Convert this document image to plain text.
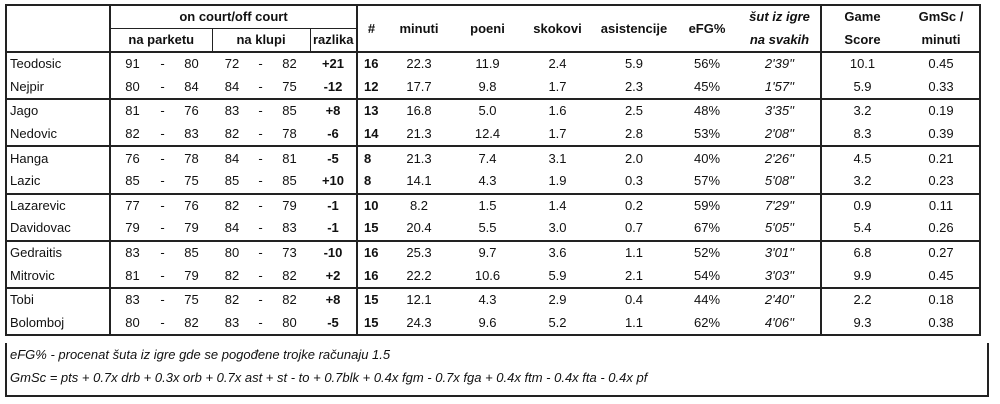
	on court/off court							#	minuti	poeni	skokovi	asistencije	eFG%	šut iz igre	Game	GmSc /
	na parketu			na klupi			razlika							na svakih	Score	minuti
Teodosic	91	-	80	72	-	82	+21	16	22.3	11.9	2.4	5.9	56%	2'39''	10.1	0.45
Nejpir	80	-	84	84	-	75	-12	12	17.7	9.8	1.7	2.3	45%	1'57''	5.9	0.33
Jago	81	-	76	83	-	85	+8	13	16.8	5.0	1.6	2.5	48%	3'35''	3.2	0.19
Nedovic	82	-	83	82	-	78	-6	14	21.3	12.4	1.7	2.8	53%	2'08''	8.3	0.39
Hanga	76	-	78	84	-	81	-5	8	21.3	7.4	3.1	2.0	40%	2'26''	4.5	0.21
Lazic	85	-	75	85	-	85	+10	8	14.1	4.3	1.9	0.3	57%	5'08''	3.2	0.23
Lazarevic	77	-	76	82	-	79	-1	10	8.2	1.5	1.4	0.2	59%	7'29''	0.9	0.11
Davidovac	79	-	79	84	-	83	-1	15	20.4	5.5	3.0	0.7	67%	5'05''	5.4	0.26
Gedraitis	83	-	85	80	-	73	-10	16	25.3	9.7	3.6	1.1	52%	3'01''	6.8	0.27
Mitrovic	81	-	79	82	-	82	+2	16	22.2	10.6	5.9	2.1	54%	3'03''	9.9	0.45
Tobi	83	-	75	82	-	82	+8	15	12.1	4.3	2.9	0.4	44%	2'40''	2.2	0.18
Bolomboj	80	-	82	83	-	80	-5	15	24.3	9.6	5.2	1.1	62%	4'06''	9.3	0.38
eFG% - procenat šuta iz igre gde se pogođene trojke računaju 1.5
GmSc = pts + 0.7x drb + 0.3x orb + 0.7x ast + st - to + 0.7blk + 0.4x fgm - 0.7x fga + 0.4x ftm - 0.4x fta - 0.4x pf
